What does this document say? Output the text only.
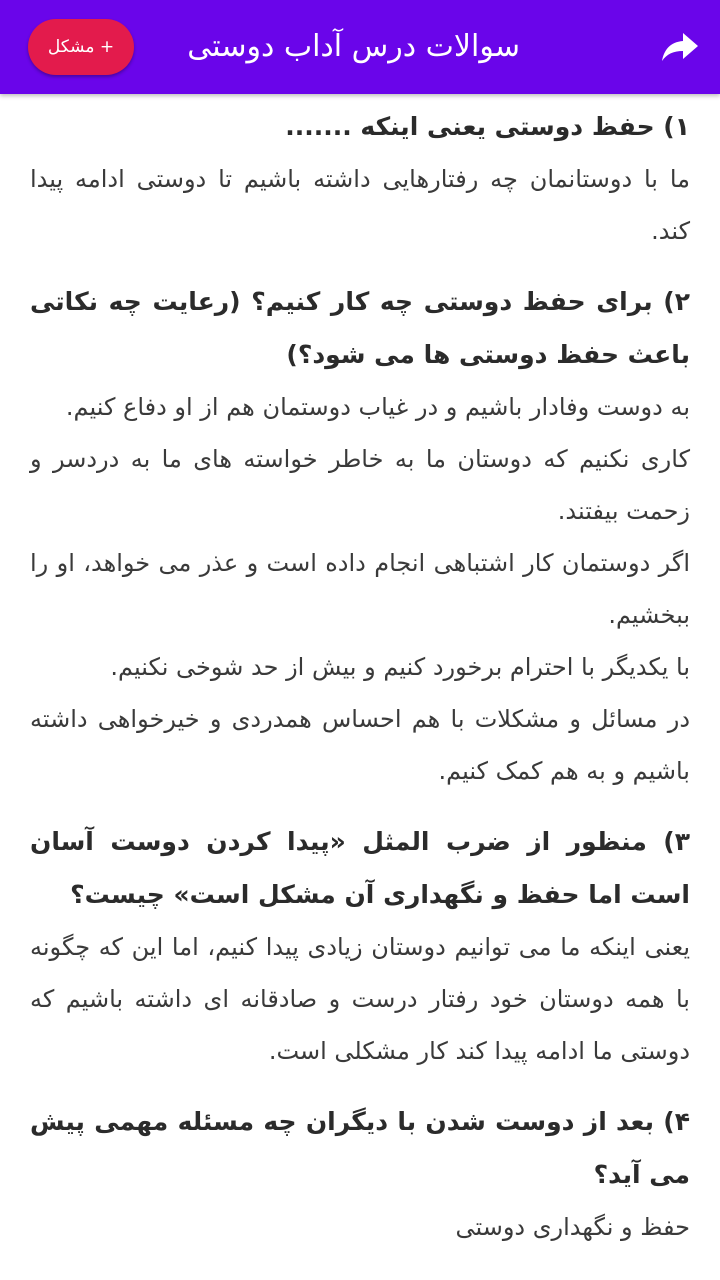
+ مشکل	سوالات درس آداب دوستی

۱) حفظ دوستی یعنی اینکه .......

ما با دوستانمان چه رفتارهایی داشته باشیم تا دوستی ادامه پیدا کند.

۲) برای حفظ دوستی چه کار کنیم؟ (رعایت چه نکاتی باعث حفظ دوستی ها می شود؟)

به دوست وفادار باشیم و در غیاب دوستمان هم از او دفاع کنیم.

کاری نکنیم که دوستان ما به خاطر خواسته های ما به دردسر و زحمت بیفتند.

اگر دوستمان کار اشتباهی انجام داده است و عذر می خواهد، او را ببخشیم.

با یکدیگر با احترام برخورد کنیم و بیش از حد شوخی نکنیم.

در مسائل و مشکلات با هم احساس همدردی و خیرخواهی داشته باشیم و به هم کمک کنیم.

۳) منظور از ضرب المثل «پیدا کردن دوست آسان است اما حفظ و نگهداری آن مشکل است» چیست؟

یعنی اینکه ما می توانیم دوستان زیادی پیدا کنیم، اما این که چگونه با همه دوستان خود رفتار درست و صادقانه ای داشته باشیم که دوستی ما ادامه پیدا کند کار مشکلی است.

۴) بعد از دوست شدن با دیگران چه مسئله مهمی پیش می آید؟

حفظ و نگهداری دوستی
